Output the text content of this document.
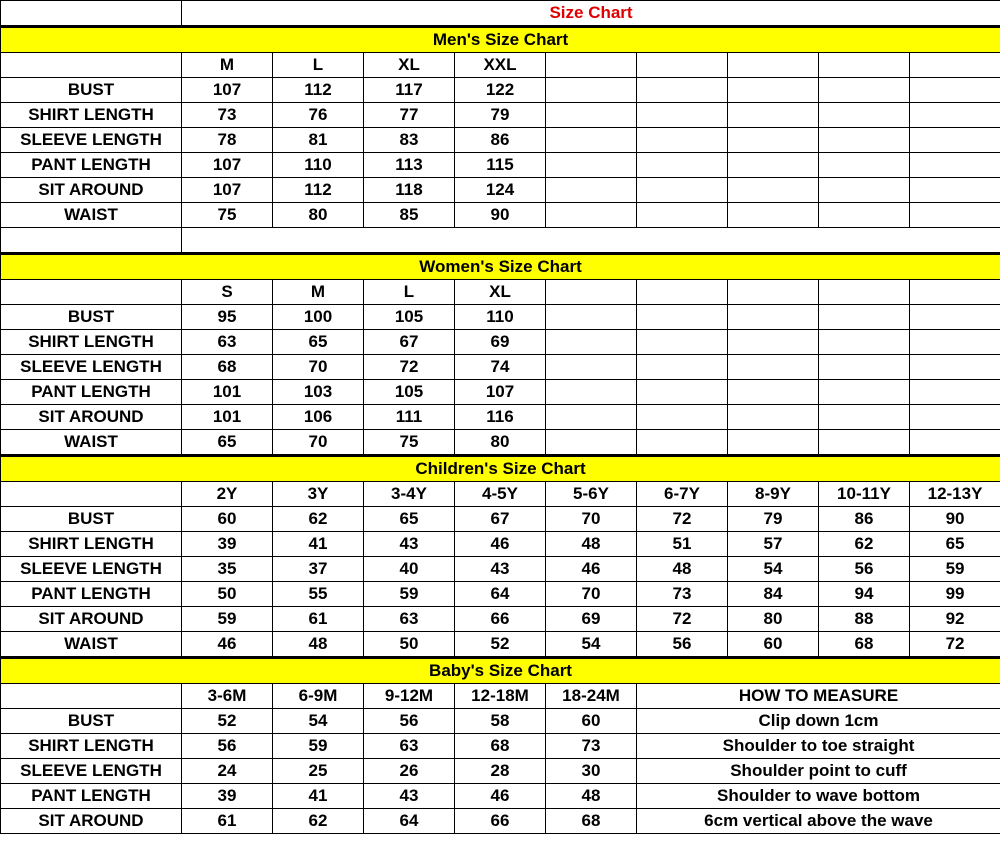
	Size Chart								
Men's Size Chart									
	M	L	XL	XXL					
BUST	107	112	117	122					
SHIRT LENGTH	73	76	77	79					
SLEEVE LENGTH	78	81	83	86					
PANT LENGTH	107	110	113	115					
SIT AROUND	107	112	118	124					
WAIST	75	80	85	90					

Women's Size Chart									
	S	M	L	XL					
BUST	95	100	105	110					
SHIRT LENGTH	63	65	67	69					
SLEEVE LENGTH	68	70	72	74					
PANT LENGTH	101	103	105	107					
SIT AROUND	101	106	111	116					
WAIST	65	70	75	80					
Children's Size Chart									
	2Y	3Y	3-4Y	4-5Y	5-6Y	6-7Y	8-9Y	10-11Y	12-13Y
BUST	60	62	65	67	70	72	79	86	90
SHIRT LENGTH	39	41	43	46	48	51	57	62	65
SLEEVE LENGTH	35	37	40	43	46	48	54	56	59
PANT LENGTH	50	55	59	64	70	73	84	94	99
SIT AROUND	59	61	63	66	69	72	80	88	92
WAIST	46	48	50	52	54	56	60	68	72
Baby's Size Chart									
	3-6M	6-9M	9-12M	12-18M	18-24M	HOW TO MEASURE			
BUST	52	54	56	58	60	Clip down 1cm			
SHIRT LENGTH	56	59	63	68	73	Shoulder to toe straight			
SLEEVE LENGTH	24	25	26	28	30	Shoulder point to cuff			
PANT LENGTH	39	41	43	46	48	Shoulder to wave bottom			
SIT AROUND	61	62	64	66	68	6cm vertical above the wave			
